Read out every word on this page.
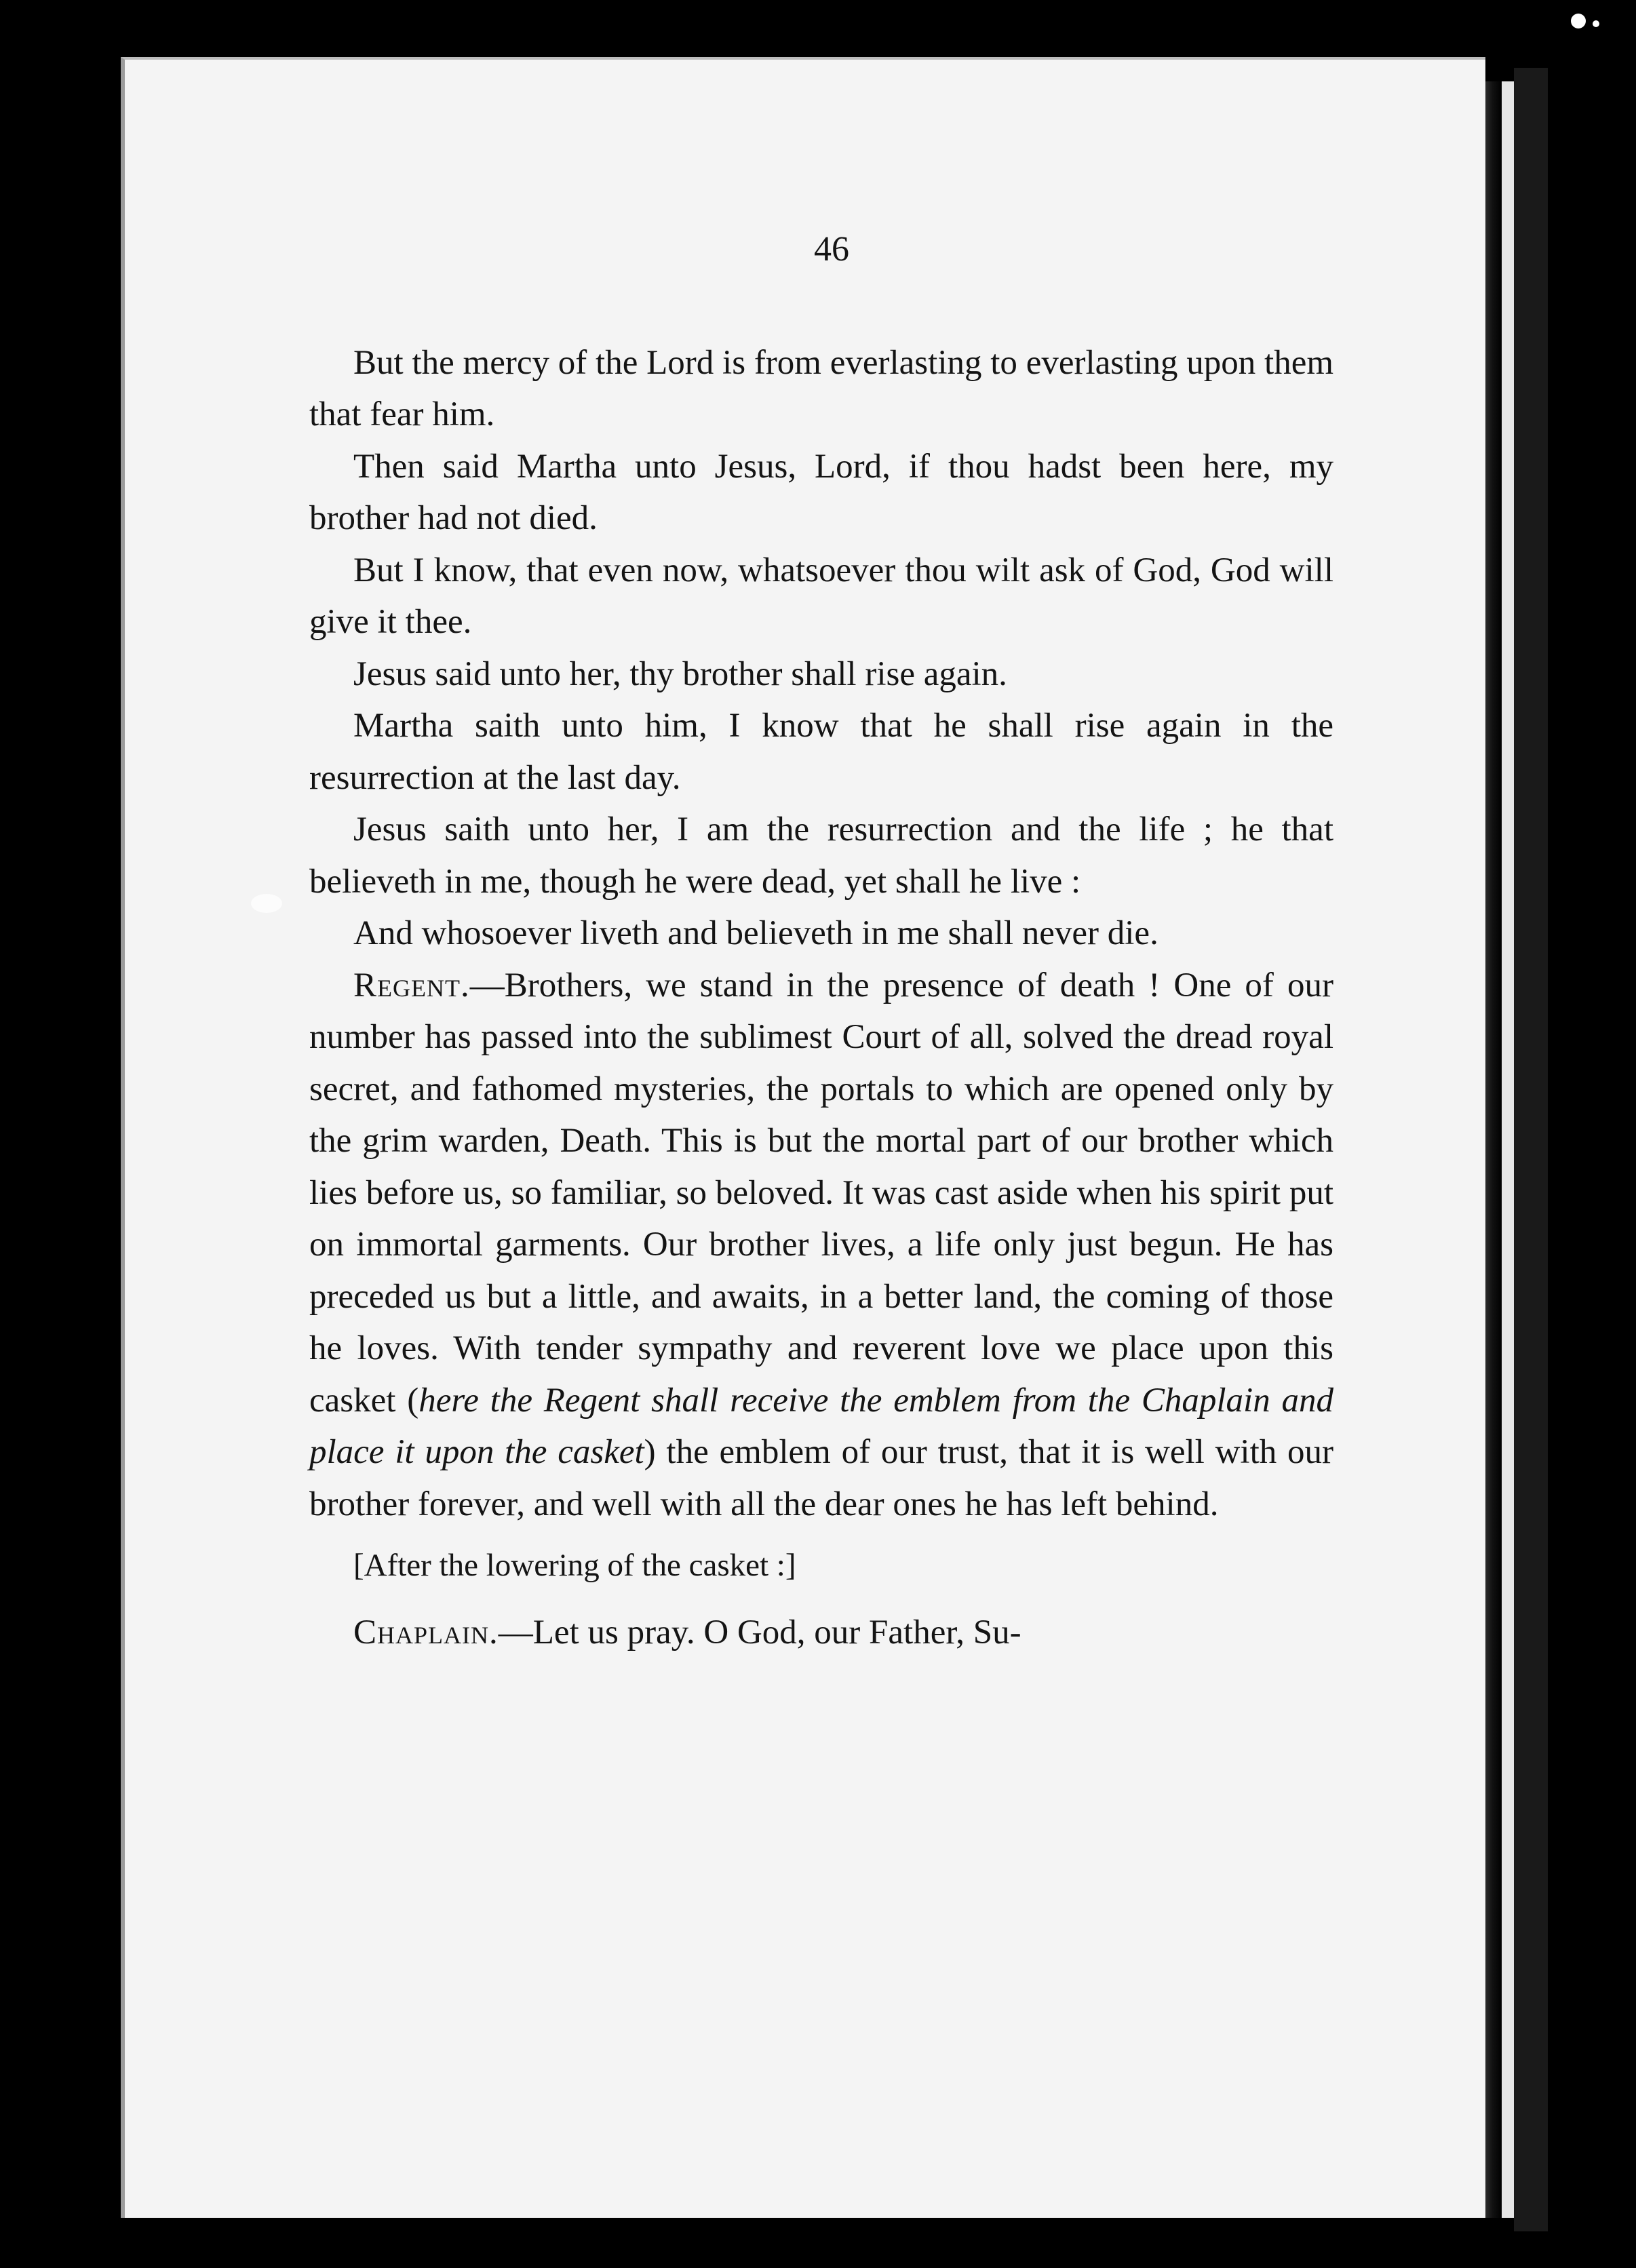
46

But the mercy of the Lord is from everlasting to everlasting upon them that fear him.

Then said Martha unto Jesus, Lord, if thou hadst been here, my brother had not died.

But I know, that even now, whatsoever thou wilt ask of God, God will give it thee.

Jesus said unto her, thy brother shall rise again.

Martha saith unto him, I know that he shall rise again in the resurrection at the last day.

Jesus saith unto her, I am the resurrection and the life ; he that believeth in me, though he were dead, yet shall he live :

And whosoever liveth and believeth in me shall never die.

Regent.—Brothers, we stand in the presence of death ! One of our number has passed into the sublimest Court of all, solved the dread royal secret, and fathomed mysteries, the portals to which are opened only by the grim warden, Death. This is but the mortal part of our brother which lies before us, so familiar, so beloved. It was cast aside when his spirit put on immortal garments. Our brother lives, a life only just begun. He has preceded us but a little, and awaits, in a better land, the coming of those he loves. With tender sympathy and reverent love we place upon this casket (here the Regent shall receive the emblem from the Chaplain and place it upon the casket) the emblem of our trust, that it is well with our brother forever, and well with all the dear ones he has left behind.

[After the lowering of the casket :]

Chaplain.—Let us pray. O God, our Father, Su-
